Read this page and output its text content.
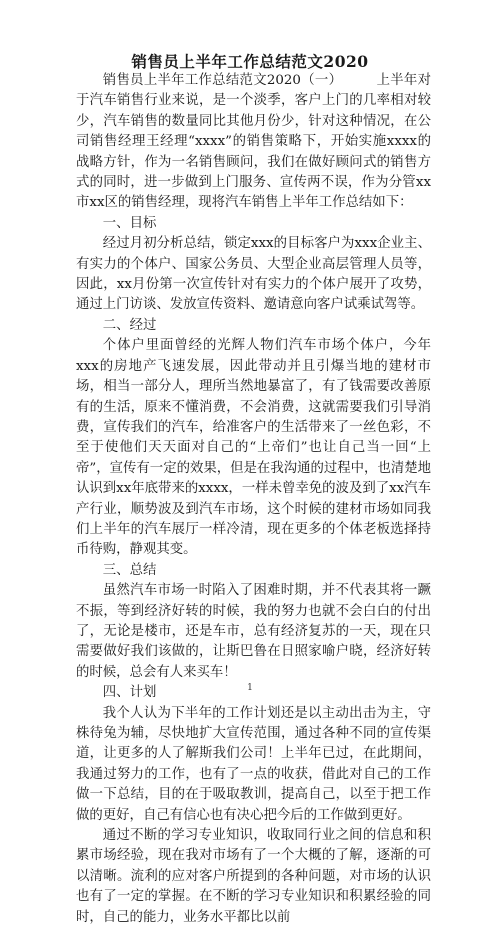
销售员上半年工作总结范文2020

销售员上半年工作总结范文2020（一）　　　上半年对于汽车销售行业来说，是一个淡季，客户上门的几率相对较少，汽车销售的数量同比其他月份少，针对这种情况，在公司销售经理王经理“xxxx”的销售策略下，开始实施xxxx的战略方针，作为一名销售顾问，我们在做好顾问式的销售方式的同时，进一步做到上门服务、宣传两不误，作为分管xx市xx区的销售经理，现将汽车销售上半年工作总结如下：

一、目标

经过月初分析总结，锁定xxx的目标客户为xxx企业主、有实力的个体户、国家公务员、大型企业高层管理人员等，因此，xx月份第一次宣传针对有实力的个体户展开了攻势，通过上门访谈、发放宣传资料、邀请意向客户试乘试驾等。

二、经过

个体户里面曾经的光辉人物们汽车市场个体户，今年xxx的房地产飞速发展，因此带动并且引爆当地的建材市场，相当一部分人，理所当然地暴富了，有了钱需要改善原有的生活，原来不懂消费，不会消费，这就需要我们引导消费，宣传我们的汽车，给准客户的生活带来了一丝色彩，不至于使他们天天面对自己的“上帝们”也让自己当一回“上帝”，宣传有一定的效果，但是在我沟通的过程中，也清楚地认识到xx年底带来的xxxx，一样未曾幸免的波及到了xx汽车产行业，顺势波及到汽车市场，这个时候的建材市场如同我们上半年的汽车展厅一样冷清，现在更多的个体老板选择持币待购，静观其变。

三、总结

虽然汽车市场一时陷入了困难时期，并不代表其将一蹶不振，等到经济好转的时候，我的努力也就不会白白的付出了，无论是楼市，还是车市，总有经济复苏的一天，现在只需要做好我们该做的，让斯巴鲁在日照家喻户晓，经济好转的时候，总会有人来买车！

四、计划

我个人认为下半年的工作计划还是以主动出击为主，守株待兔为辅，尽快地扩大宣传范围，通过各种不同的宣传渠道，让更多的人了解斯我们公司！上半年已过，在此期间，我通过努力的工作，也有了一点的收获，借此对自己的工作做一下总结，目的在于吸取教训，提高自己，以至于把工作做的更好，自己有信心也有决心把今后的工作做到更好。

通过不断的学习专业知识，收取同行业之间的信息和积累市场经验，现在我对市场有了一个大概的了解，逐渐的可以清晰。流利的应对客户所提到的各种问题，对市场的认识也有了一定的掌握。在不断的学习专业知识和积累经验的同时，自己的能力，业务水平都比以前

1
